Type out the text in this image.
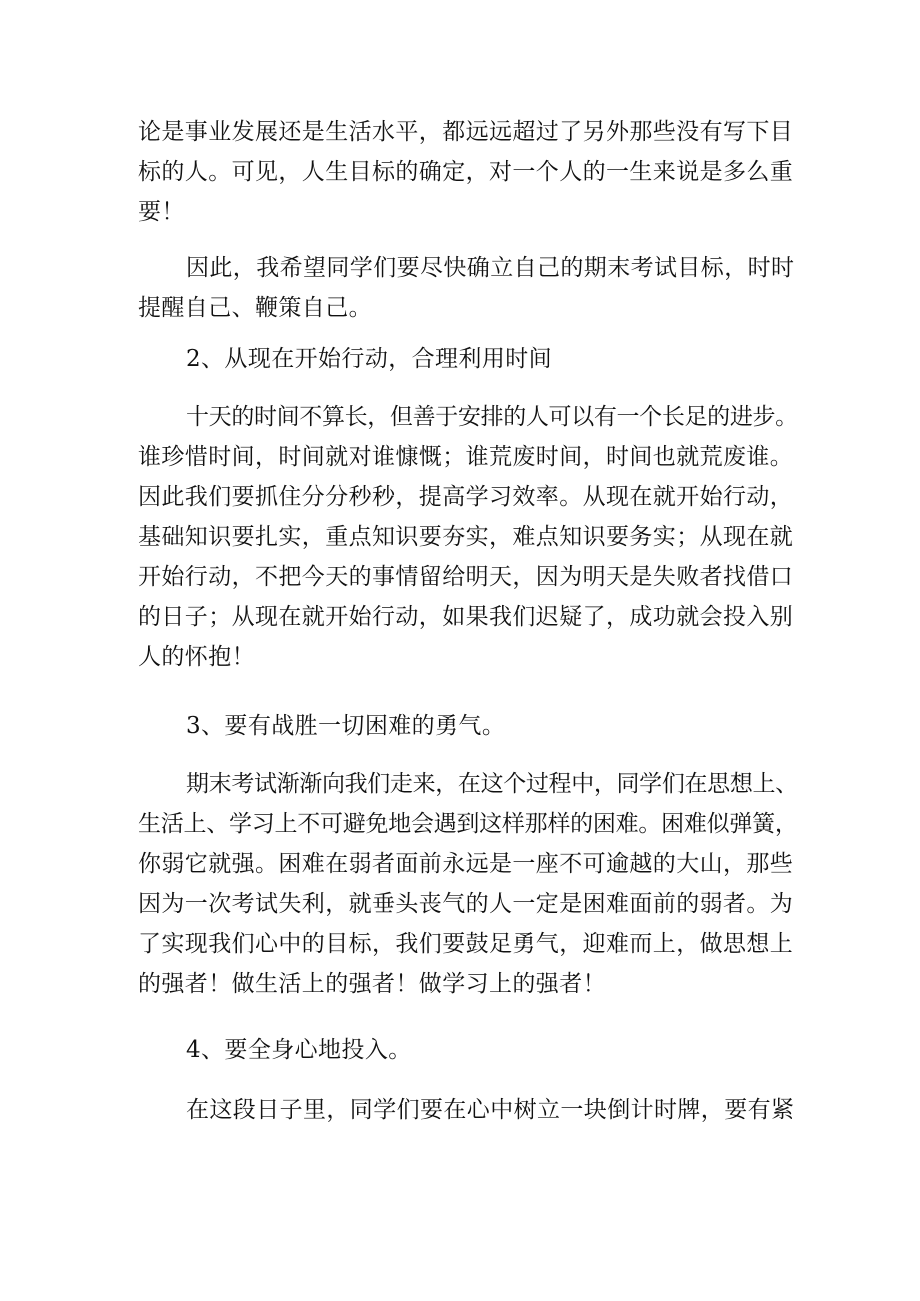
论是事业发展还是生活水平，都远远超过了另外那些没有写下目
标的人。可见，人生目标的确定，对一个人的一生来说是多么重
要！
因此，我希望同学们要尽快确立自己的期末考试目标，时时
提醒自己、鞭策自己。
2、从现在开始行动，合理利用时间
十天的时间不算长，但善于安排的人可以有一个长足的进步。
谁珍惜时间，时间就对谁慷慨；谁荒废时间，时间也就荒废谁。
因此我们要抓住分分秒秒，提高学习效率。从现在就开始行动，
基础知识要扎实，重点知识要夯实，难点知识要务实；从现在就
开始行动，不把今天的事情留给明天，因为明天是失败者找借口
的日子；从现在就开始行动，如果我们迟疑了，成功就会投入别
人的怀抱！
3、要有战胜一切困难的勇气。
期末考试渐渐向我们走来，在这个过程中，同学们在思想上、
生活上、学习上不可避免地会遇到这样那样的困难。困难似弹簧，
你弱它就强。困难在弱者面前永远是一座不可逾越的大山，那些
因为一次考试失利，就垂头丧气的人一定是困难面前的弱者。为
了实现我们心中的目标，我们要鼓足勇气，迎难而上，做思想上
的强者！做生活上的强者！做学习上的强者！
4、要全身心地投入。
在这段日子里，同学们要在心中树立一块倒计时牌，要有紧
